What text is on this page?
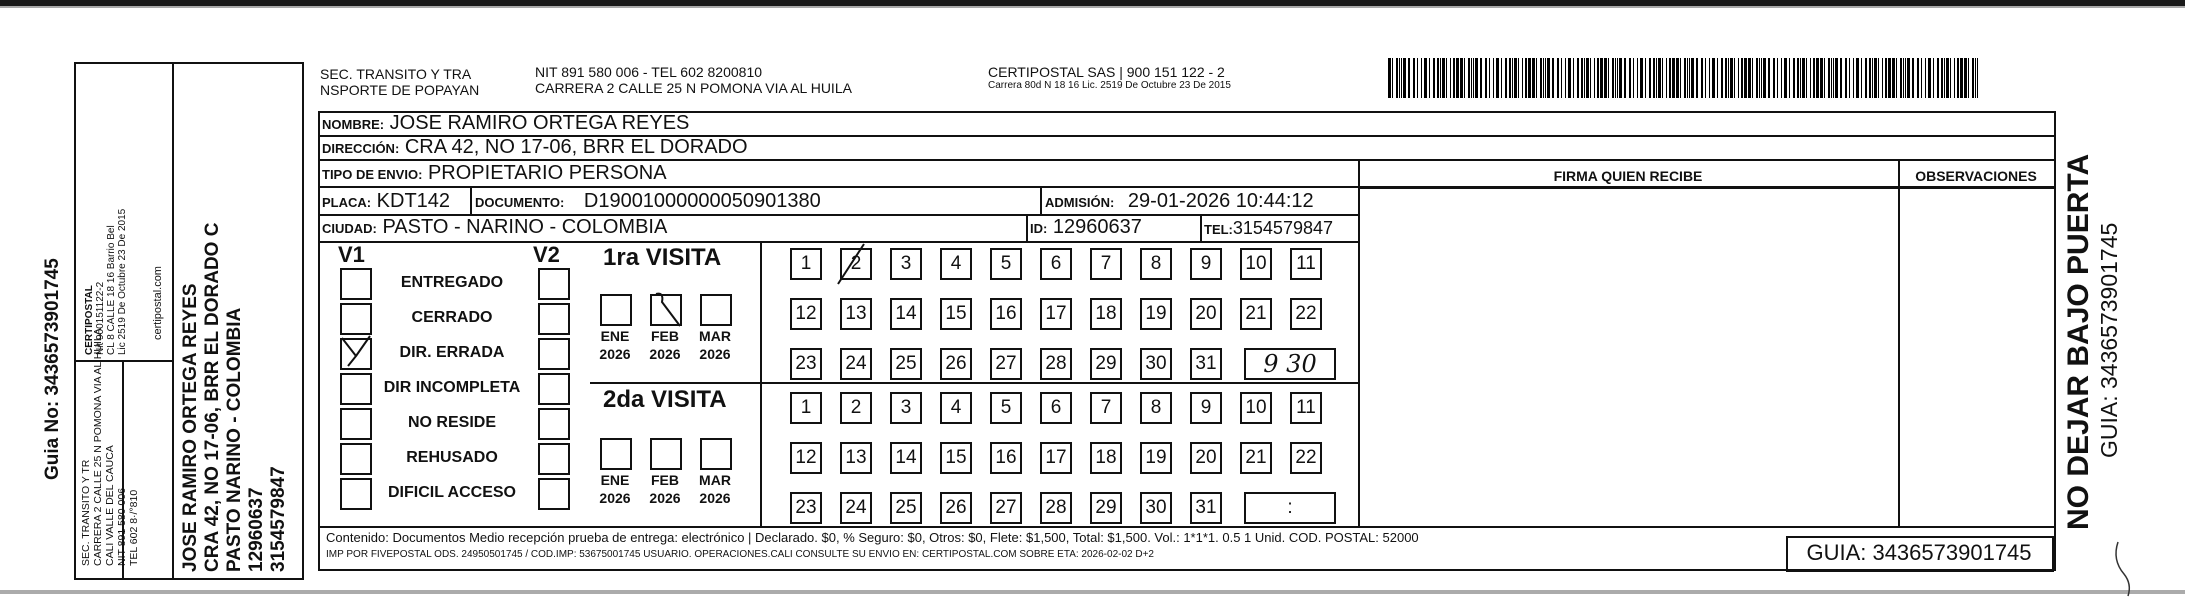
Guia No: 3436573901745
SEC. TRANSITO Y TR CARRERA 2 CALLE 25 N POMONA VIA AL HUILA CALI VALLE DEL CAUCA NIT 891 580 006 TEL 602 8·/°810
CERTIPOSTAL Nit 900151122-2 CL 8 CALLE 18 16 Barrio Bel Lic 2519 De Octubre 23 De 2015 certipostal.com JOSE RAMIRO ORTEGA REYES CRA 42, NO 17-06, BRR EL DORADO C PASTO NARINO - COLOMBIA 12960637 3154579847
SEC. TRANSITO Y TRA
NSPORTE DE POPAYAN
NIT 891 580 006 - TEL 602 8200810
CARRERA 2 CALLE 25 N POMONA VIA AL HUILA
CERTIPOSTAL SAS | 900 151 122 - 2
Carrera 80d N 18 16 Lic. 2519 De Octubre 23 De 2015
NOMBRE: JOSE RAMIRO ORTEGA REYES
DIRECCIÓN: CRA 42, NO 17-06, BRR EL DORADO
TIPO DE ENVIO: PROPIETARIO PERSONA
PLACA: KDT142 DOCUMENTO: D19001000000050901380	ADMISIÓN: 29-01-2026 10:44:12
CIUDAD: PASTO - NARINO - COLOMBIA	ID: 12960637	TEL:3154579847
FIRMA QUIEN RECIBE	OBSERVACIONES
V1	V2
ENTREGADO
CERRADO
DIR. ERRADA
DIR INCOMPLETA
NO RESIDE
REHUSADO
DIFICIL ACCESO
1ra VISITA
2da VISITA
1	2	3	4	5	6	7	8	9	10	11
12 13 14 15 16 17 18 19 20 21 22
23 24 25 26 27 28 29 30 31	9 30
ENE
2026
FEB
2026
MAR
2026
1	2	3	4	5	6	7	8	9	10	11
12 13 14 15 16 17 18 19 20 21 22
23 24 25 26 27 28 29 30 31	:
ENE
2026
FEB
2026
MAR
2026
Contenido: Documentos Medio recepción prueba de entrega: electrónico | Declarado. $0, % Seguro: $0, Otros: $0, Flete: $1,500, Total: $1,500. Vol.: 1*1*1. 0.5 1 Unid. COD. POSTAL: 52000
IMP POR FIVEPOSTAL ODS. 24950501745 / COD.IMP: 53675001745 USUARIO. OPERACIONES.CALI CONSULTE SU ENVIO EN: CERTIPOSTAL.COM SOBRE ETA: 2026-02-02 D+2	GUIA: 3436573901745
NO DEJAR BAJO PUERTA GUIA: 3436573901745
